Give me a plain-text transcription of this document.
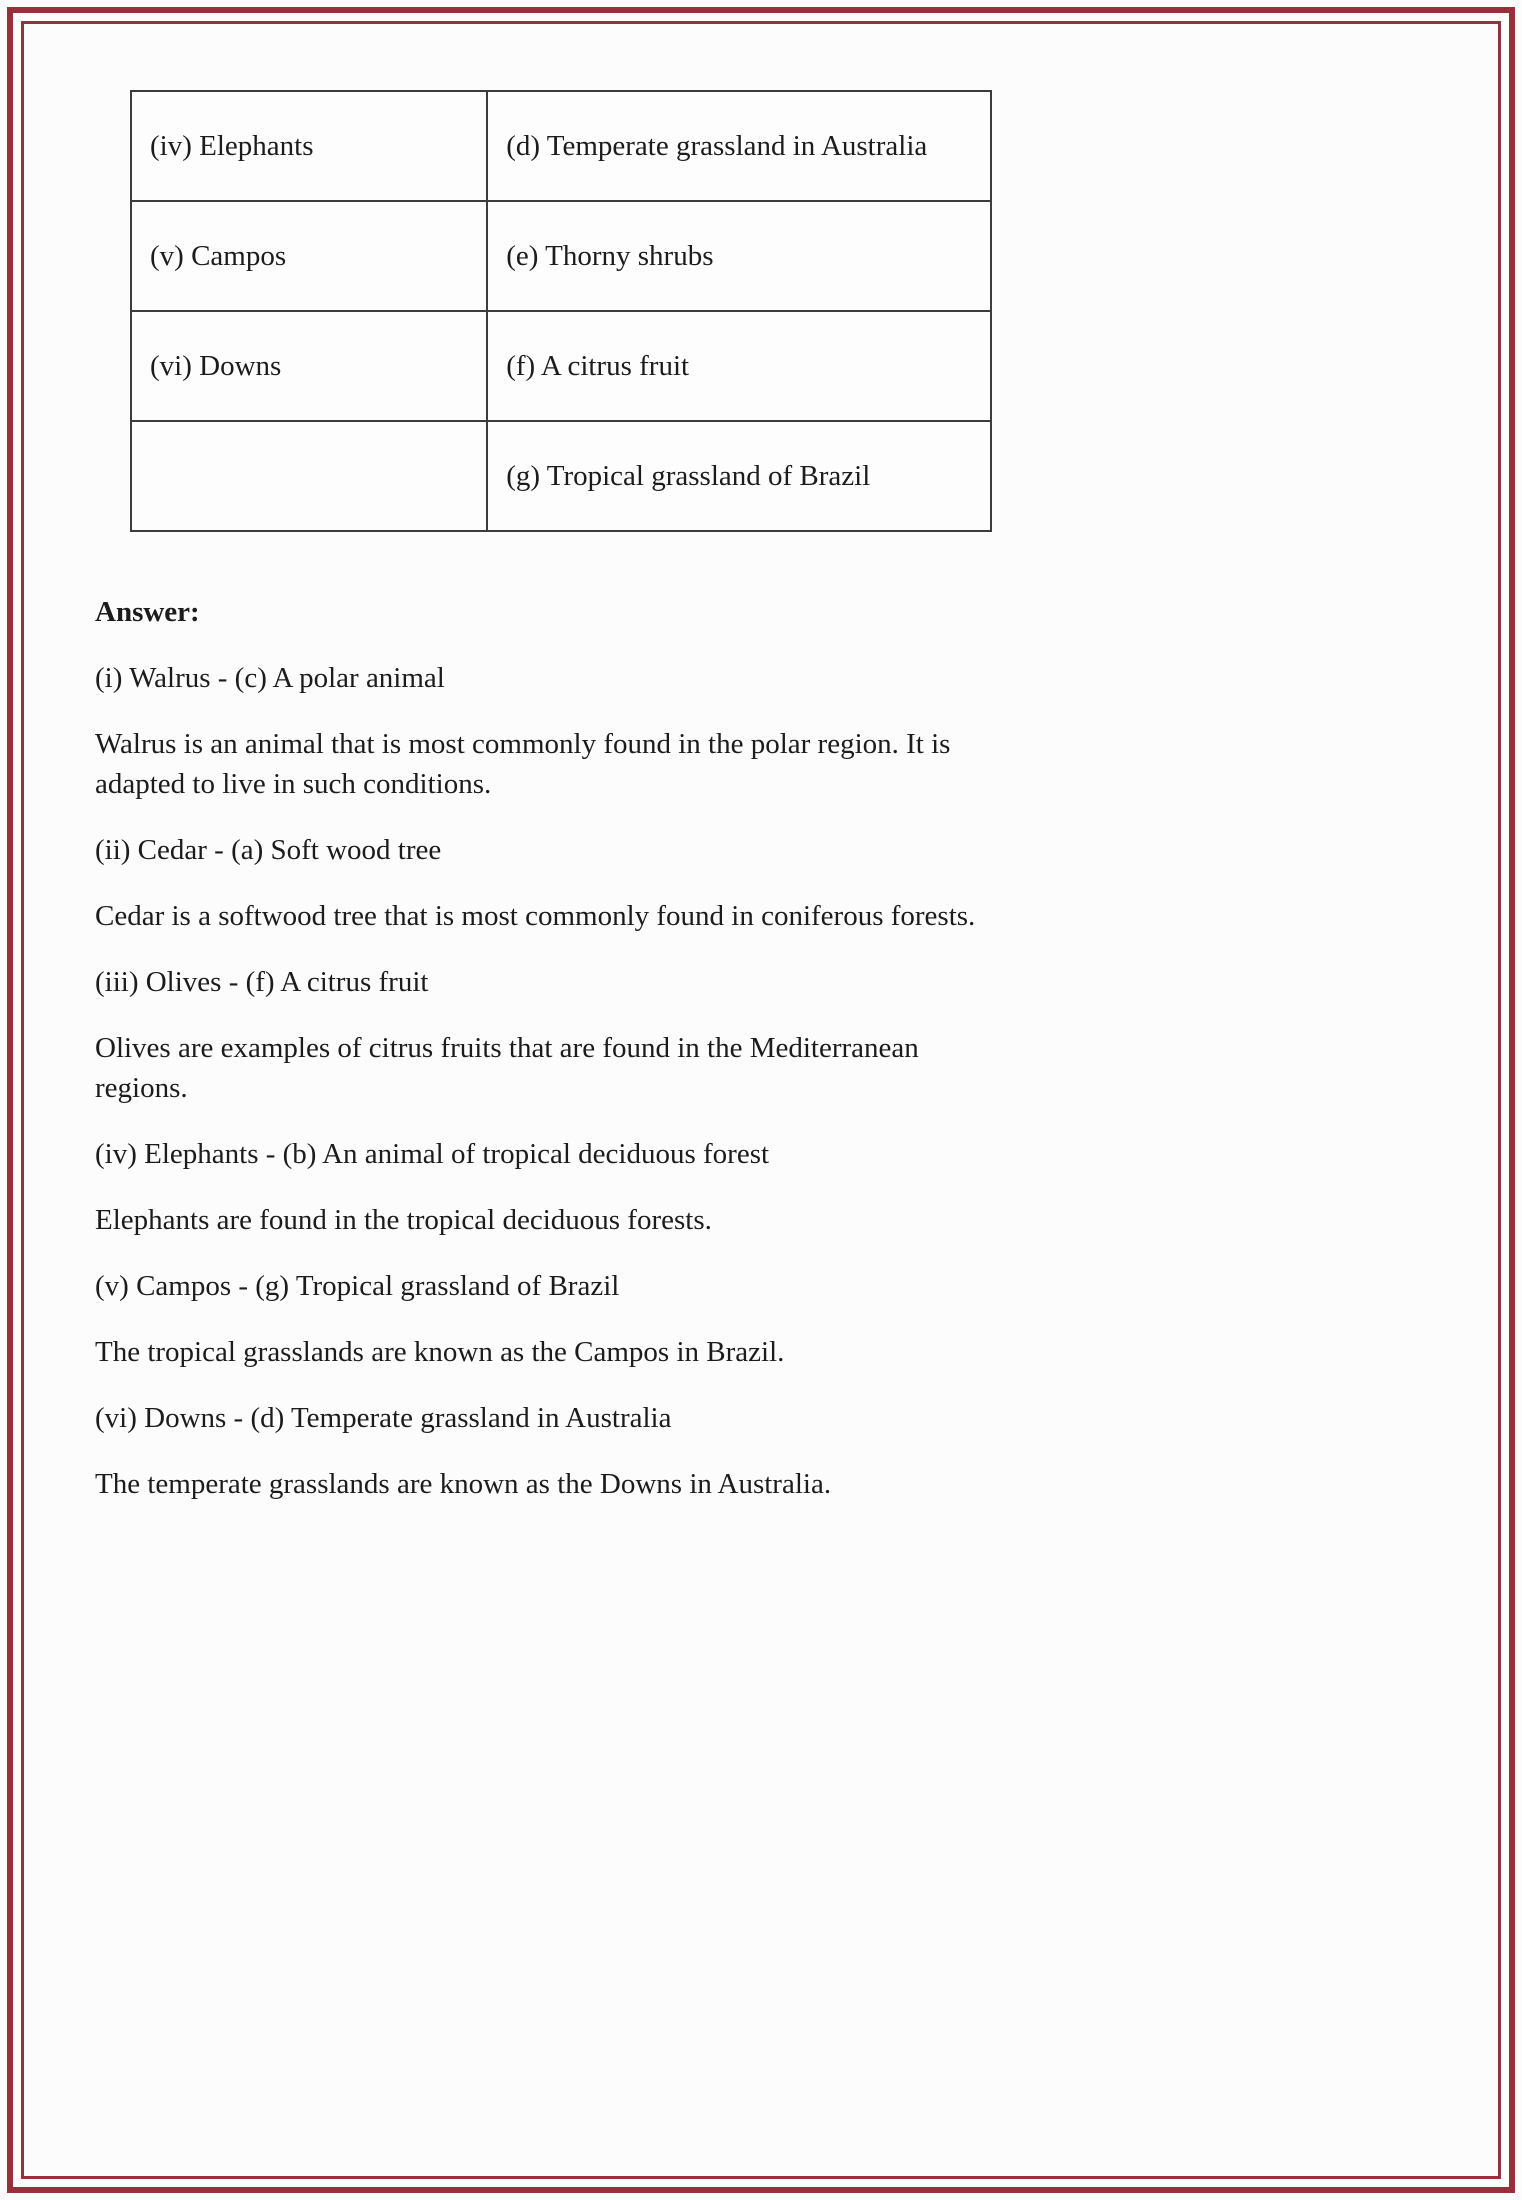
(iv) Elephants	(d) Temperate grassland in Australia
(v) Campos	(e) Thorny shrubs
(vi) Downs	(f) A citrus fruit
	(g) Tropical grassland of Brazil
Answer:
(i) Walrus - (c) A polar animal
Walrus is an animal that is most commonly found in the polar region. It is adapted to live in such conditions.
(ii) Cedar - (a) Soft wood tree
Cedar is a softwood tree that is most commonly found in coniferous forests.
(iii) Olives - (f) A citrus fruit
Olives are examples of citrus fruits that are found in the Mediterranean regions.
(iv) Elephants - (b) An animal of tropical deciduous forest
Elephants are found in the tropical deciduous forests.
(v) Campos - (g) Tropical grassland of Brazil
The tropical grasslands are known as the Campos in Brazil.
(vi) Downs - (d) Temperate grassland in Australia
The temperate grasslands are known as the Downs in Australia.
